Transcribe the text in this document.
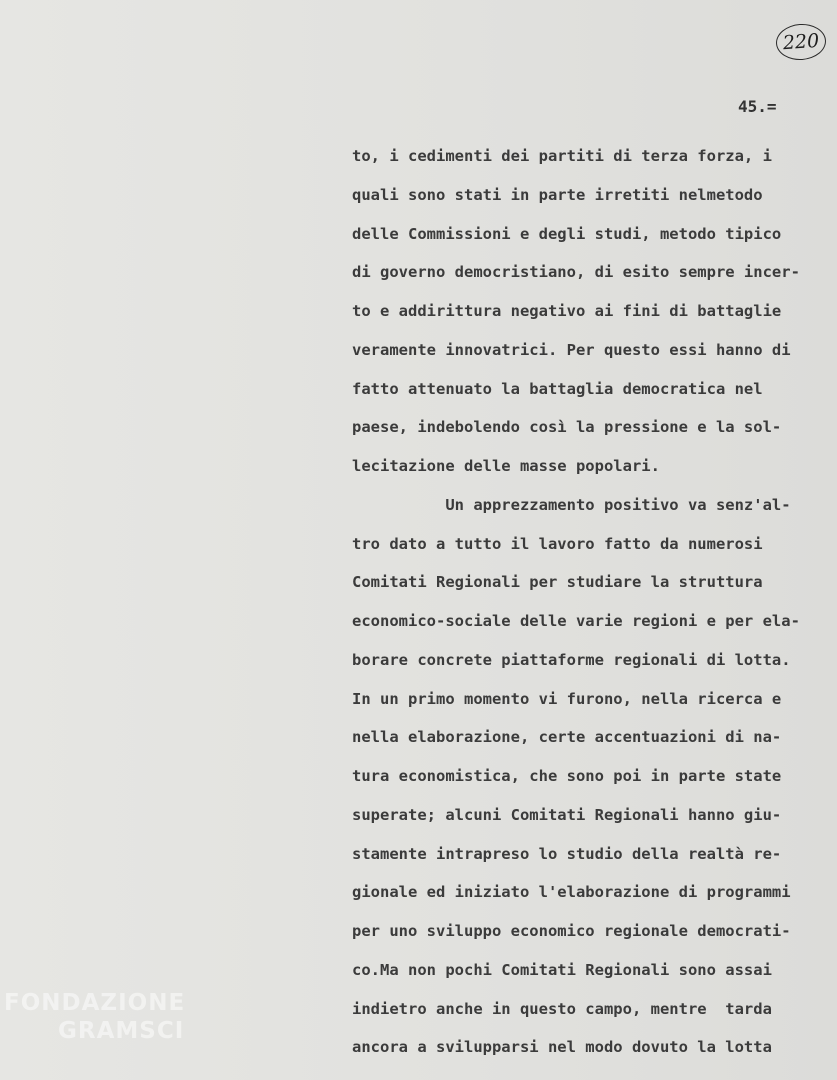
220
45.=
to, i cedimenti dei partiti di terza forza, i
quali sono stati in parte irretiti nelmetodo
delle Commissioni e degli studi, metodo tipico
di governo democristiano, di esito sempre incer-
to e addirittura negativo ai fini di battaglie
veramente innovatrici. Per questo essi hanno di
fatto attenuato la battaglia democratica nel
paese, indebolendo così la pressione e la sol-
lecitazione delle masse popolari.
Un apprezzamento positivo va senz'al-
tro dato a tutto il lavoro fatto da numerosi
Comitati Regionali per studiare la struttura
economico-sociale delle varie regioni e per ela-
borare concrete piattaforme regionali di lotta.
In un primo momento vi furono, nella ricerca e
nella elaborazione, certe accentuazioni di na-
tura economistica, che sono poi in parte state
superate; alcuni Comitati Regionali hanno giu-
stamente intrapreso lo studio della realtà re-
gionale ed iniziato l'elaborazione di programmi
per uno sviluppo economico regionale democrati-
co.Ma non pochi Comitati Regionali sono assai
indietro anche in questo campo, mentre  tarda
ancora a svilupparsi nel modo dovuto la lotta
FONDAZIONE
GRAMSCI
